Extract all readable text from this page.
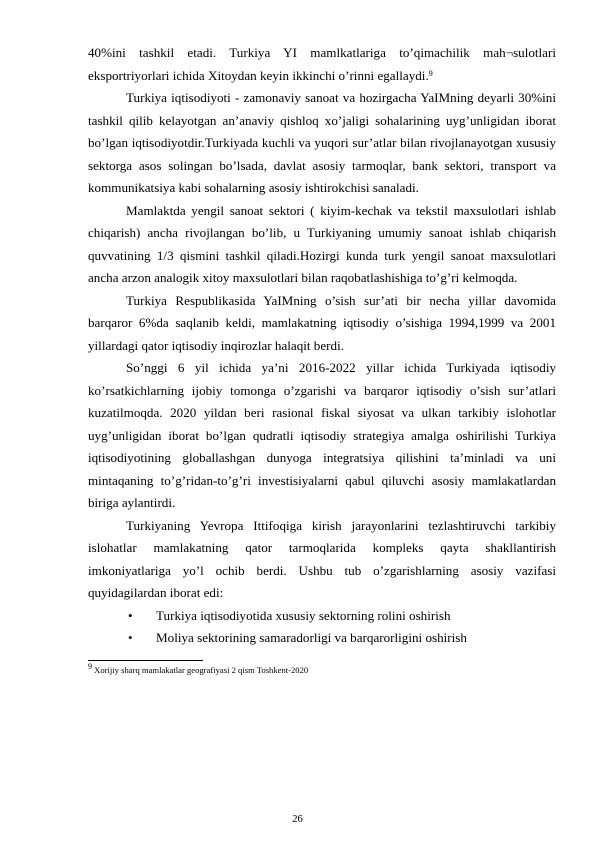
40%ini tashkil etadi. Turkiya YI mamlkatlariga to’qimachilik mah¬sulotlari eksportriyorlari ichida Xitoydan keyin ikkinchi o’rinni egallaydi.$^9$

Turkiya iqtisodiyoti - zamonaviy sanoat va hozirgacha YaIMning deyarli 30%ini tashkil qilib kelayotgan an’anaviy qishloq xo’jaligi sohalarining uyg’unligidan iborat bo’lgan iqtisodiyotdir.Turkiyada kuchli va yuqori sur’atlar bilan rivojlanayotgan xususiy sektorga asos solingan bo’lsada, davlat asosiy tarmoqlar, bank sektori, transport va kommunikatsiya kabi sohalarning asosiy ishtirokchisi sanaladi.

Mamlaktda yengil sanoat sektori ( kiyim-kechak va tekstil maxsulotlari ishlab chiqarish) ancha rivojlangan bo’lib, u Turkiyaning umumiy sanoat ishlab chiqarish quvvatining 1/3 qismini tashkil qiladi.Hozirgi kunda turk yengil sanoat maxsulotlari ancha arzon analogik xitoy maxsulotlari bilan raqobatlashishiga to’g’ri kelmoqda.

Turkiya Respublikasida YaIMning o’sish sur’ati bir necha yillar davomida barqaror 6%da saqlanib keldi, mamlakatning iqtisodiy o’sishiga 1994,1999 va 2001 yillardagi qator iqtisodiy inqirozlar halaqit berdi.

So’nggi 6 yil ichida ya’ni 2016-2022 yillar ichida Turkiyada iqtisodiy ko’rsatkichlarning ijobiy tomonga o’zgarishi va barqaror iqtisodiy o’sish sur’atlari kuzatilmoqda. 2020 yildan beri rasional fiskal siyosat va ulkan tarkibiy islohotlar uyg’unligidan iborat bo’lgan qudratli iqtisodiy strategiya amalga oshirilishi Turkiya iqtisodiyotining globallashgan dunyoga integratsiya qilishini ta’minladi va uni mintaqaning to’g’ridan-to’g’ri investisiyalarni qabul qiluvchi asosiy mamlakatlardan biriga aylantirdi.

Turkiyaning Yevropa Ittifoqiga kirish jarayonlarini tezlashtiruvchi tarkibiy islohatlar mamlakatning qator tarmoqlarida kompleks qayta shakllantirish imkoniyatlariga yo’l ochib berdi. Ushbu tub o’zgarishlarning asosiy vazifasi quyidagilardan iborat edi:

• Turkiya iqtisodiyotida xususiy sektorning rolini oshirish
• Moliya sektorining samaradorligi va barqarorligini oshirish
$^9$ Xorijiy sharq mamlakatlar geografiyasi 2 qism Toshkent-2020
26
